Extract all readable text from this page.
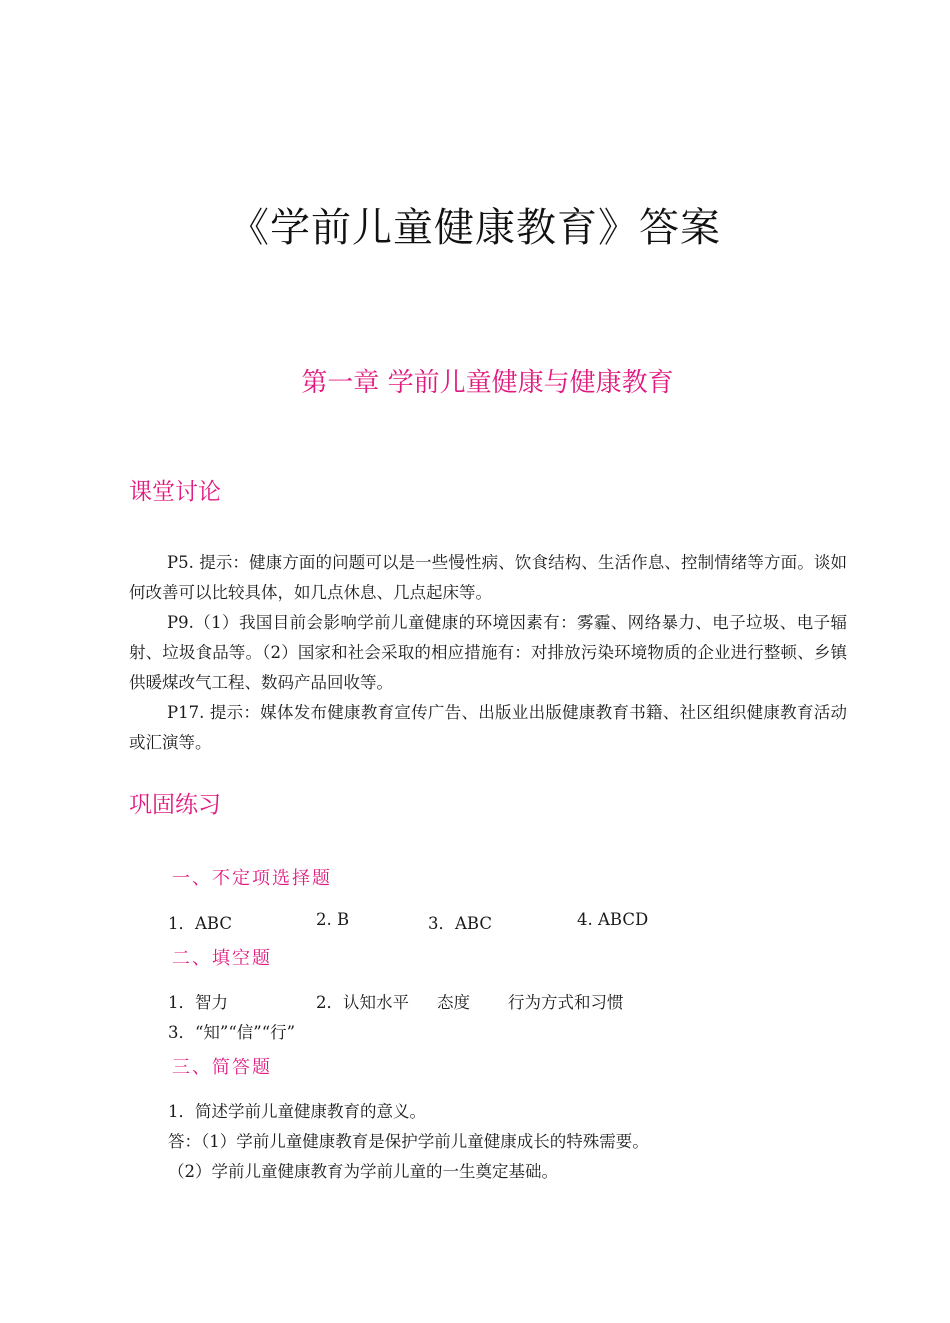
《学前儿童健康教育》答案
第一章 学前儿童健康与健康教育
课堂讨论
P5. 提示：健康方面的问题可以是一些慢性病、饮食结构、生活作息、控制情绪等方面。谈如何改善可以比较具体，如几点休息、几点起床等。
P9.（1）我国目前会影响学前儿童健康的环境因素有：雾霾、网络暴力、电子垃圾、电子辐射、垃圾食品等。（2）国家和社会采取的相应措施有：对排放污染环境物质的企业进行整顿、乡镇供暖煤改气工程、数码产品回收等。
P17. 提示：媒体发布健康教育宣传广告、出版业出版健康教育书籍、社区组织健康教育活动或汇演等。
巩固练习
一、不定项选择题
1．ABC	2. B	3．ABC	4. ABCD
二、填空题
1．智力	2．认知水平 态度 行为方式和习惯
3．“知”“信”“行”
三、简答题
1．简述学前儿童健康教育的意义。
答：（1）学前儿童健康教育是保护学前儿童健康成长的特殊需要。
（2）学前儿童健康教育为学前儿童的一生奠定基础。
